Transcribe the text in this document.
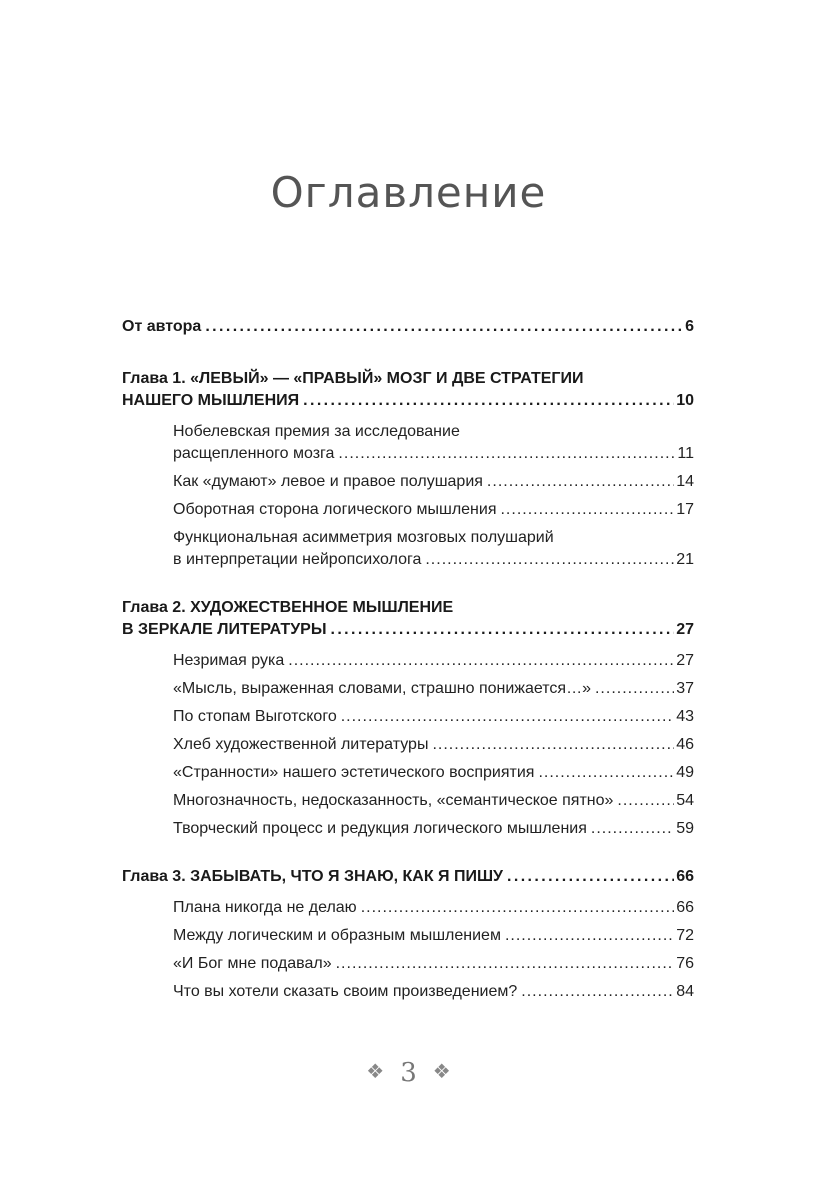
Оглавление
От автора .....	6
Глава 1. «ЛЕВЫЙ» — «ПРАВЫЙ» МОЗГ И ДВЕ СТРАТЕГИИ
НАШЕГО МЫШЛЕНИЯ .....	10
Нобелевская премия за исследование
расщепленного мозга .....	11
Как «думают» левое и правое полушария .....	14
Оборотная сторона логического мышления .....	17
Функциональная асимметрия мозговых полушарий
в интерпретации нейропсихолога .....	21
Глава 2. ХУДОЖЕСТВЕННОЕ МЫШЛЕНИЕ
В ЗЕРКАЛЕ ЛИТЕРАТУРЫ .....	27
Незримая рука .....	27
«Мысль, выраженная словами, страшно понижается…» .....	37
По стопам Выготского .....	43
Хлеб художественной литературы .....	46
«Странности» нашего эстетического восприятия .....	49
Многозначность, недосказанность, «семантическое пятно» .....	54
Творческий процесс и редукция логического мышления .....	59
Глава 3. ЗАБЫВАТЬ, ЧТО Я ЗНАЮ, КАК Я ПИШУ .....	66
Плана никогда не делаю .....	66
Между логическим и образным мышлением .....	72
«И Бог мне подавал» .....	76
Что вы хотели сказать своим произведением? .....	84
❖ 3 ❖
